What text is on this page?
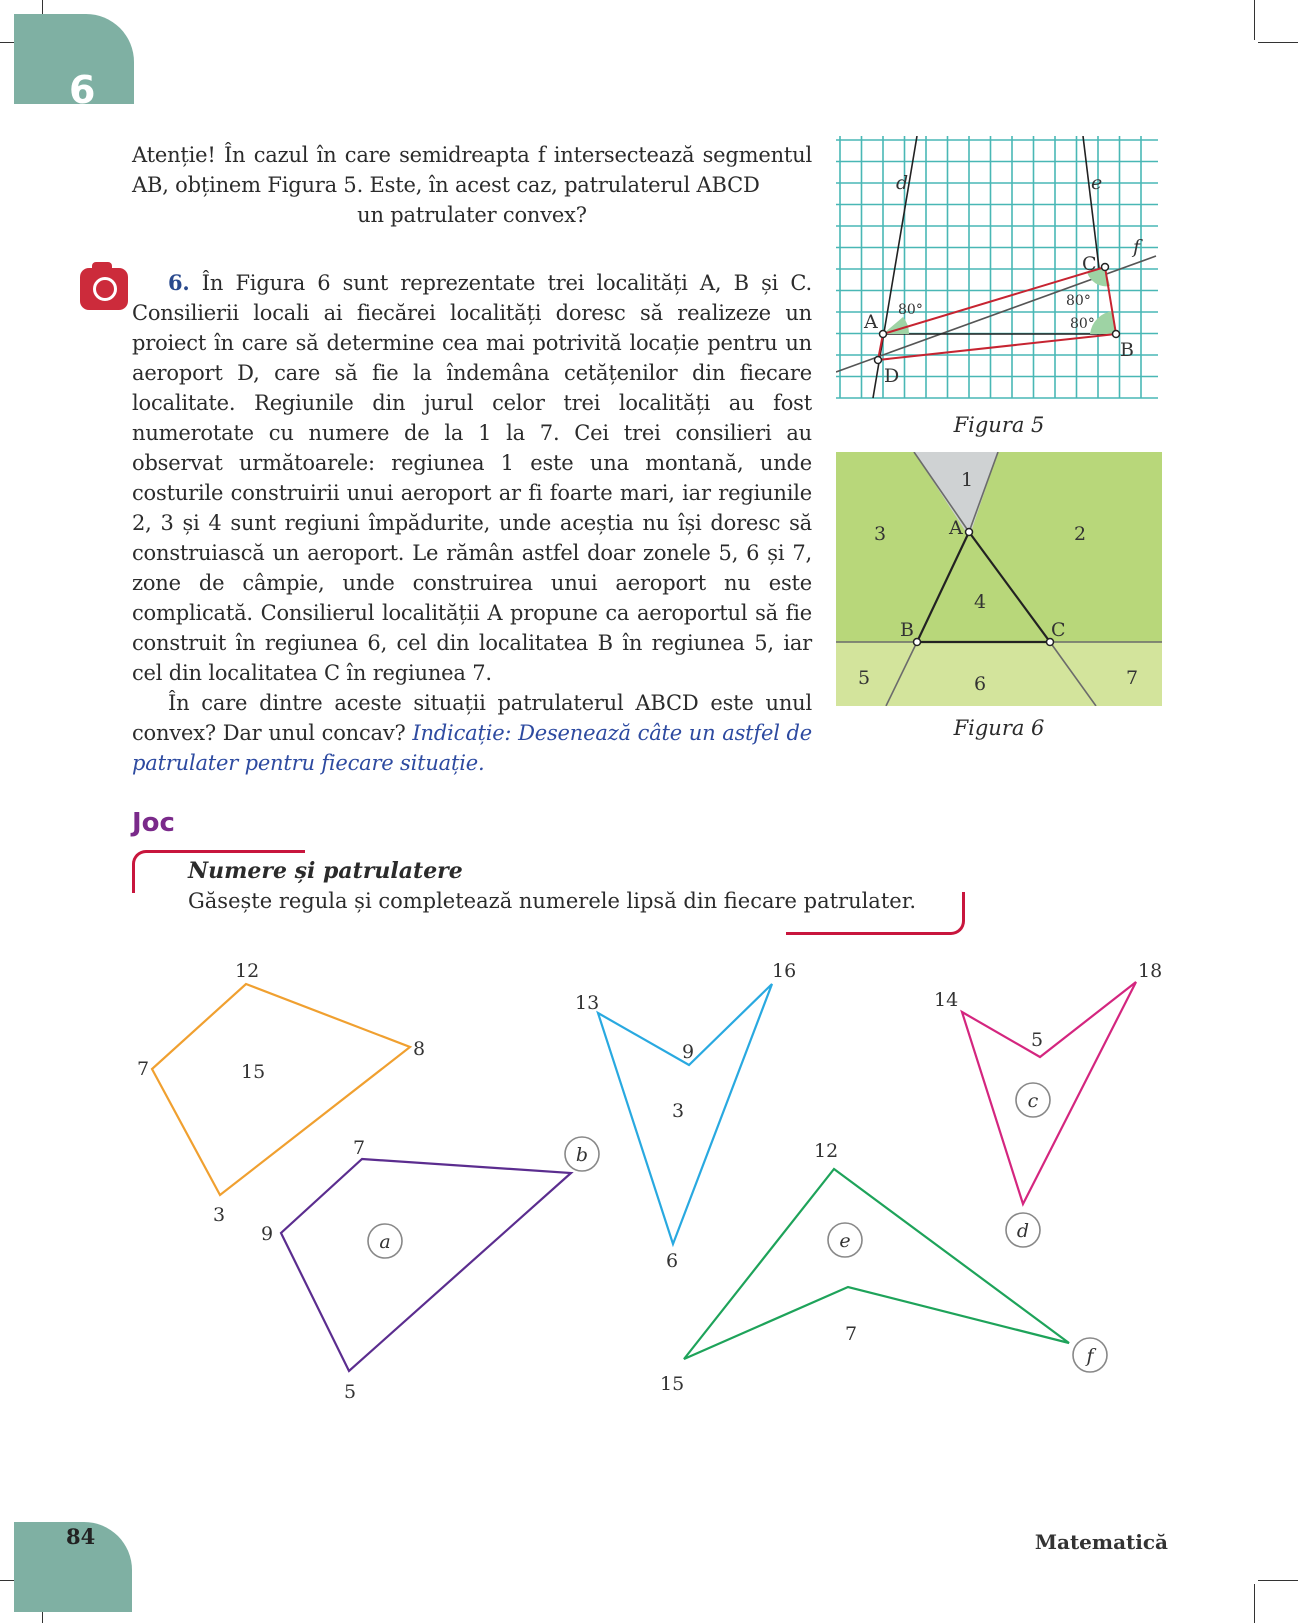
6
Atenție! În cazul în care semidreapta f intersectează segmentul AB, obținem Figura 5. Este, în acest caz, patrulaterul ABCD
un patrulater convex?
6. În Figura 6 sunt reprezentate trei localități A, B și C. Consilierii locali ai fiecărei localități doresc să realizeze un proiect în care să determine cea mai potrivită locație pentru un aeroport D, care să fie la îndemâna cetățenilor din fiecare localitate. Regiunile din jurul celor trei localități au fost numerotate cu numere de la 1 la 7. Cei trei consilieri au observat următoarele: regiunea 1 este una montană, unde costurile construirii unui aeroport ar fi foarte mari, iar regiunile 2, 3 și 4 sunt regiuni împădurite, unde aceștia nu își doresc să construiască un aeroport. Le rămân astfel doar zonele 5, 6 și 7, zone de câmpie, unde construirea unui aeroport nu este complicată. Consilierul localității A propune ca aeroportul să fie construit în regiunea 6, cel din localitatea B în regiunea 5, iar cel din localitatea C în regiunea 7.
În care dintre aceste situații patrulaterul ABCD este unul convex? Dar unul concav? Indicație: Desenează câte un astfel de patrulater pentru fiecare situație.
d	e
f
A
B
C
D
80°
80°
80°
Figura 5
1
2
3
4
5	6	7
A
B	C
Figura 6
Joc
Numere și patrulatere
Găsește regula și completează numerele lipsă din fiecare patrulater.
12
8
3
7	15
7	b
5
9	a
13
9
16
6
3
14
5
18
d
c
12
f
7
15
e
84	Matematică
